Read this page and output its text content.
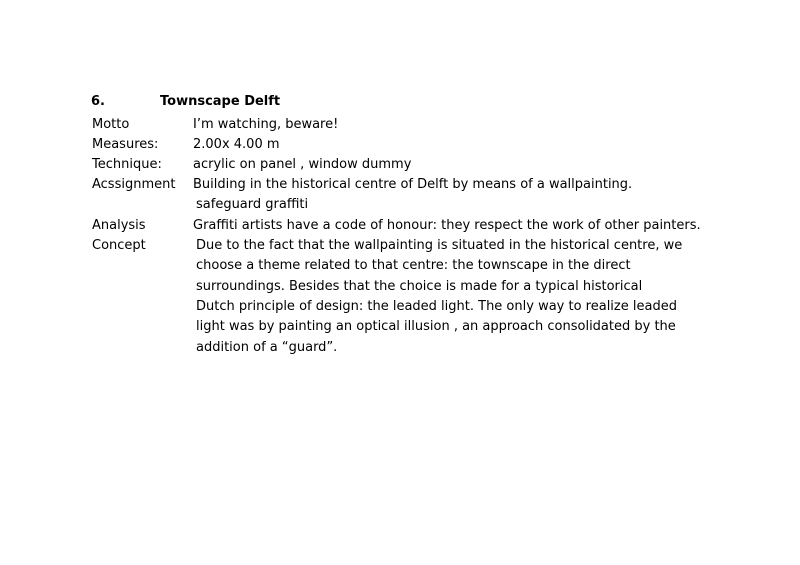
6.	Townscape Delft
Motto	I’m watching, beware!
Measures:	2.00x 4.00 m
Technique: acrylic on panel , window dummy
Acssignment Building in the historical centre of Delft by means of a wallpainting.
safeguard graffiti
Analysis	Graffiti artists have a code of honour: they respect the work of other painters.
Concept	Due to the fact that the wallpainting is situated in the historical centre, we
choose a theme related to that centre: the townscape in the direct
surroundings. Besides that the choice is made for a typical historical
Dutch principle of design: the leaded light. The only way to realize leaded
light was by painting an optical illusion , an approach consolidated by the
addition of a “guard”.
